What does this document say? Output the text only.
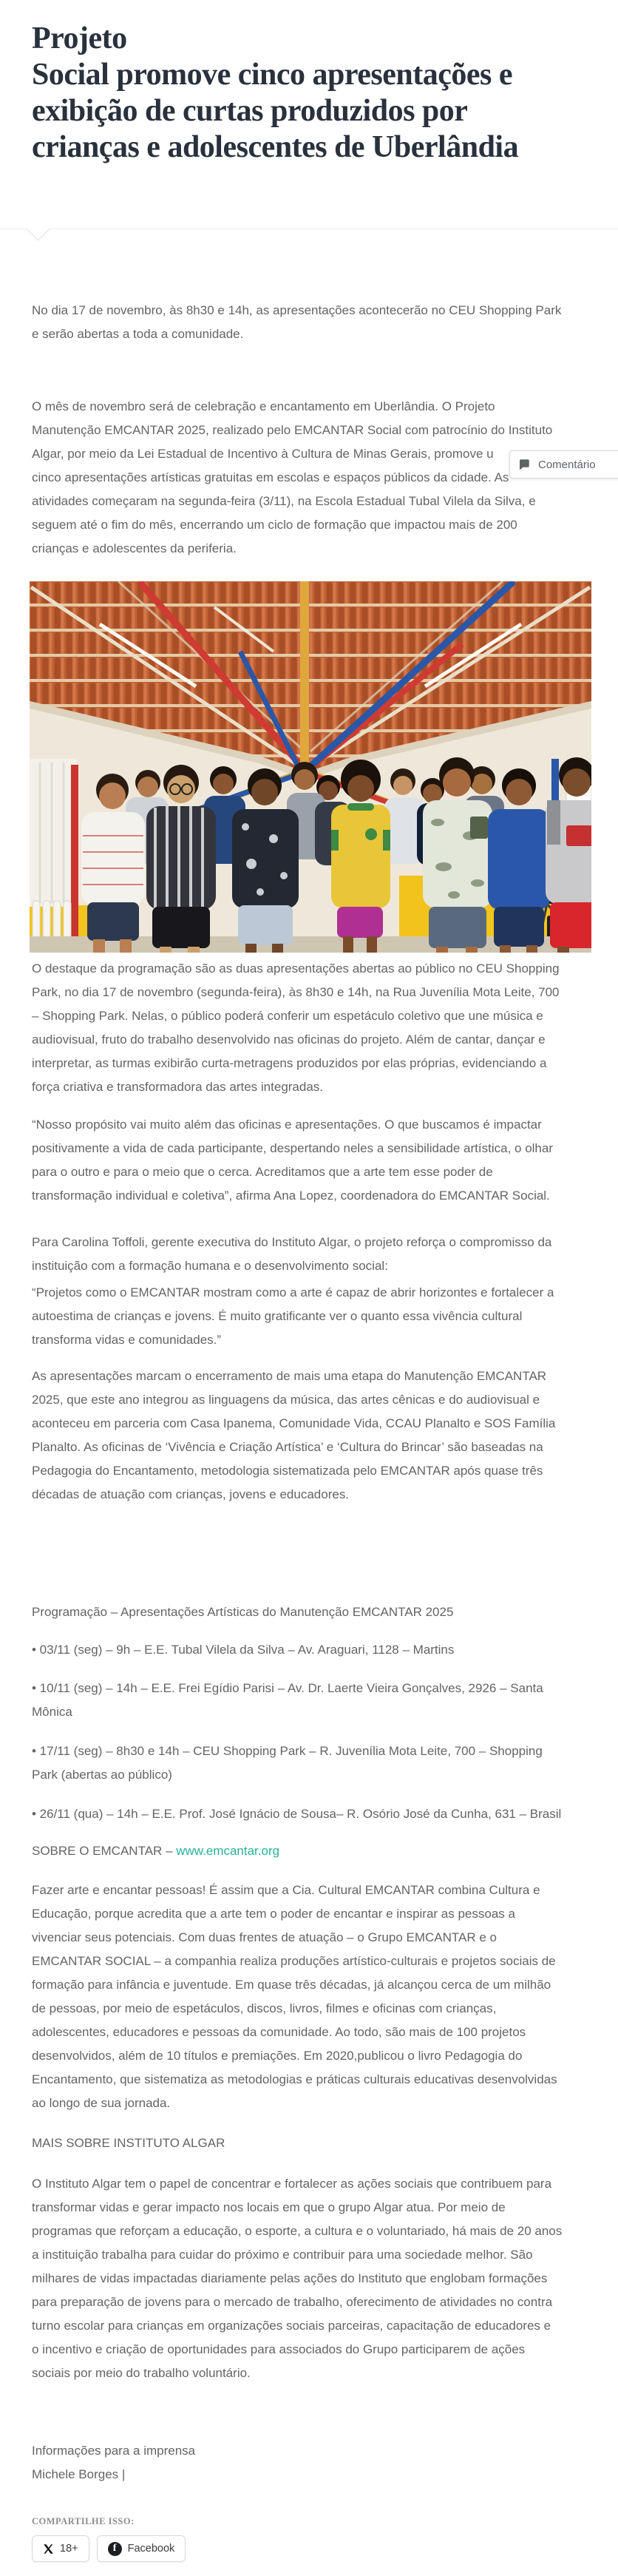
Projeto
Social promove cinco apresentações e
exibição de curtas produzidos por
crianças e adolescentes de Uberlândia
No dia 17 de novembro, às 8h30 e 14h, as apresentações acontecerão no CEU Shopping Park
e serão abertas a toda a comunidade.
O mês de novembro será de celebração e encantamento em Uberlândia. O Projeto
Manutenção EMCANTAR 2025, realizado pelo EMCANTAR Social com patrocínio do Instituto
Algar, por meio da Lei Estadual de Incentivo à Cultura de Minas Gerais, promove u
cinco apresentações artísticas gratuitas em escolas e espaços públicos da cidade. As
atividades começaram na segunda-feira (3/11), na Escola Estadual Tubal Vilela da Silva, e
seguem até o fim do mês, encerrando um ciclo de formação que impactou mais de 200
crianças e adolescentes da periferia.
Comentário
O destaque da programação são as duas apresentações abertas ao público no CEU Shopping
Park, no dia 17 de novembro (segunda-feira), às 8h30 e 14h, na Rua Juvenília Mota Leite, 700
– Shopping Park. Nelas, o público poderá conferir um espetáculo coletivo que une música e
audiovisual, fruto do trabalho desenvolvido nas oficinas do projeto. Além de cantar, dançar e
interpretar, as turmas exibirão curta-metragens produzidos por elas próprias, evidenciando a
força criativa e transformadora das artes integradas.
“Nosso propósito vai muito além das oficinas e apresentações. O que buscamos é impactar
positivamente a vida de cada participante, despertando neles a sensibilidade artística, o olhar
para o outro e para o meio que o cerca. Acreditamos que a arte tem esse poder de
transformação individual e coletiva”, afirma Ana Lopez, coordenadora do EMCANTAR Social.
Para Carolina Toffoli, gerente executiva do Instituto Algar, o projeto reforça o compromisso da
instituição com a formação humana e o desenvolvimento social:
“Projetos como o EMCANTAR mostram como a arte é capaz de abrir horizontes e fortalecer a
autoestima de crianças e jovens. É muito gratificante ver o quanto essa vivência cultural
transforma vidas e comunidades.”
As apresentações marcam o encerramento de mais uma etapa do Manutenção EMCANTAR
2025, que este ano integrou as linguagens da música, das artes cênicas e do audiovisual e
aconteceu em parceria com Casa Ipanema, Comunidade Vida, CCAU Planalto e SOS Família
Planalto. As oficinas de ‘Vivência e Criação Artística’ e ‘Cultura do Brincar’ são baseadas na
Pedagogia do Encantamento, metodologia sistematizada pelo EMCANTAR após quase três
décadas de atuação com crianças, jovens e educadores.
Programação – Apresentações Artísticas do Manutenção EMCANTAR 2025
• 03/11 (seg) – 9h – E.E. Tubal Vilela da Silva – Av. Araguari, 1128 – Martins
• 10/11 (seg) – 14h – E.E. Frei Egídio Parisi – Av. Dr. Laerte Vieira Gonçalves, 2926 – Santa
Mônica
• 17/11 (seg) – 8h30 e 14h – CEU Shopping Park – R. Juvenília Mota Leite, 700 – Shopping
Park (abertas ao público)
• 26/11 (qua) – 14h – E.E. Prof. José Ignácio de Sousa– R. Osório José da Cunha, 631 – Brasil
SOBRE O EMCANTAR – www.emcantar.org
Fazer arte e encantar pessoas! É assim que a Cia. Cultural EMCANTAR combina Cultura e
Educação, porque acredita que a arte tem o poder de encantar e inspirar as pessoas a
vivenciar seus potenciais. Com duas frentes de atuação – o Grupo EMCANTAR e o
EMCANTAR SOCIAL – a companhia realiza produções artístico-culturais e projetos sociais de
formação para infância e juventude. Em quase três décadas, já alcançou cerca de um milhão
de pessoas, por meio de espetáculos, discos, livros, filmes e oficinas com crianças,
adolescentes, educadores e pessoas da comunidade. Ao todo, são mais de 100 projetos
desenvolvidos, além de 10 títulos e premiações. Em 2020,publicou o livro Pedagogia do
Encantamento, que sistematiza as metodologias e práticas culturais educativas desenvolvidas
ao longo de sua jornada.
MAIS SOBRE INSTITUTO ALGAR
O Instituto Algar tem o papel de concentrar e fortalecer as ações sociais que contribuem para
transformar vidas e gerar impacto nos locais em que o grupo Algar atua. Por meio de
programas que reforçam a educação, o esporte, a cultura e o voluntariado, há mais de 20 anos
a instituição trabalha para cuidar do próximo e contribuir para uma sociedade melhor. São
milhares de vidas impactadas diariamente pelas ações do Instituto que englobam formações
para preparação de jovens para o mercado de trabalho, oferecimento de atividades no contra
turno escolar para crianças em organizações sociais parceiras, capacitação de educadores e
o incentivo e criação de oportunidades para associados do Grupo participarem de ações
sociais por meio do trabalho voluntário.
Informações para a imprensa
Michele Borges |
COMPARTILHE ISSO:
18+	f	Facebook
